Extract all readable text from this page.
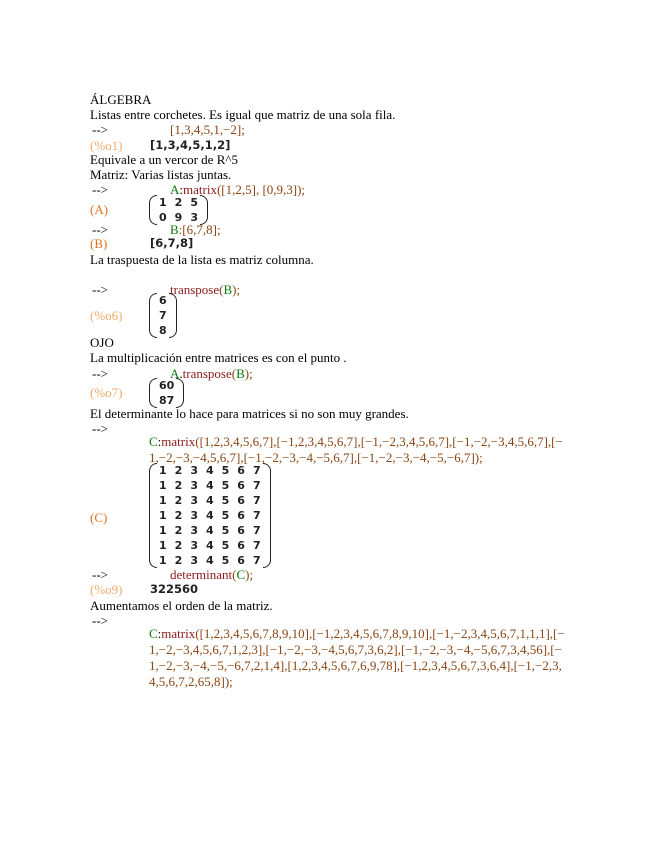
ÁLGEBRA
Listas entre corchetes. Es igual que matriz de una sola fila.
-->	[1,3,4,5,1,−2];
(%o1) [1,3,4,5,1,2]
Equivale a un vercor de R^5
Matriz: Varias listas juntas.
-->	A:matrix([1,2,5], [0,9,3]);
(A)	1	2	5
0	9	3
-->	B:[6,7,8];
(B)	[6,7,8]
La traspuesta de la lista es matriz columna.
-->	transpose(B);
(%o6)
6
7
8
OJO
La multiplicación entre matrices es con el punto .
-->	A.transpose(B);
(%o7)	60
87
El determinante lo hace para matrices si no son muy grandes.
-->
C:matrix([1,2,3,4,5,6,7],[−1,2,3,4,5,6,7],[−1,−2,3,4,5,6,7],[−1,−2,−3,4,5,6,7],[−
1,−2,−3,−4,5,6,7],[−1,−2,−3,−4,−5,6,7],[−1,−2,−3,−4,−5,−6,7]);
(C)
1	2	3	4	5	6	7
1	2	3	4	5	6	7
1	2	3	4	5	6	7
1	2	3	4	5	6	7
1	2	3	4	5	6	7
1	2	3	4	5	6	7
1	2	3	4	5	6	7
-->	determinant(C);
(%o9) 322560
Aumentamos el orden de la matriz.
-->
C:matrix([1,2,3,4,5,6,7,8,9,10],[−1,2,3,4,5,6,7,8,9,10],[−1,−2,3,4,5,6,7,1,1,1],[−
1,−2,−3,4,5,6,7,1,2,3],[−1,−2,−3,−4,5,6,7,3,6,2],[−1,−2,−3,−4,−5,6,7,3,4,56],[−
1,−2,−3,−4,−5,−6,7,2,1,4],[1,2,3,4,5,6,7,6,9,78],[−1,2,3,4,5,6,7,3,6,4],[−1,−2,3,
4,5,6,7,2,65,8]);
